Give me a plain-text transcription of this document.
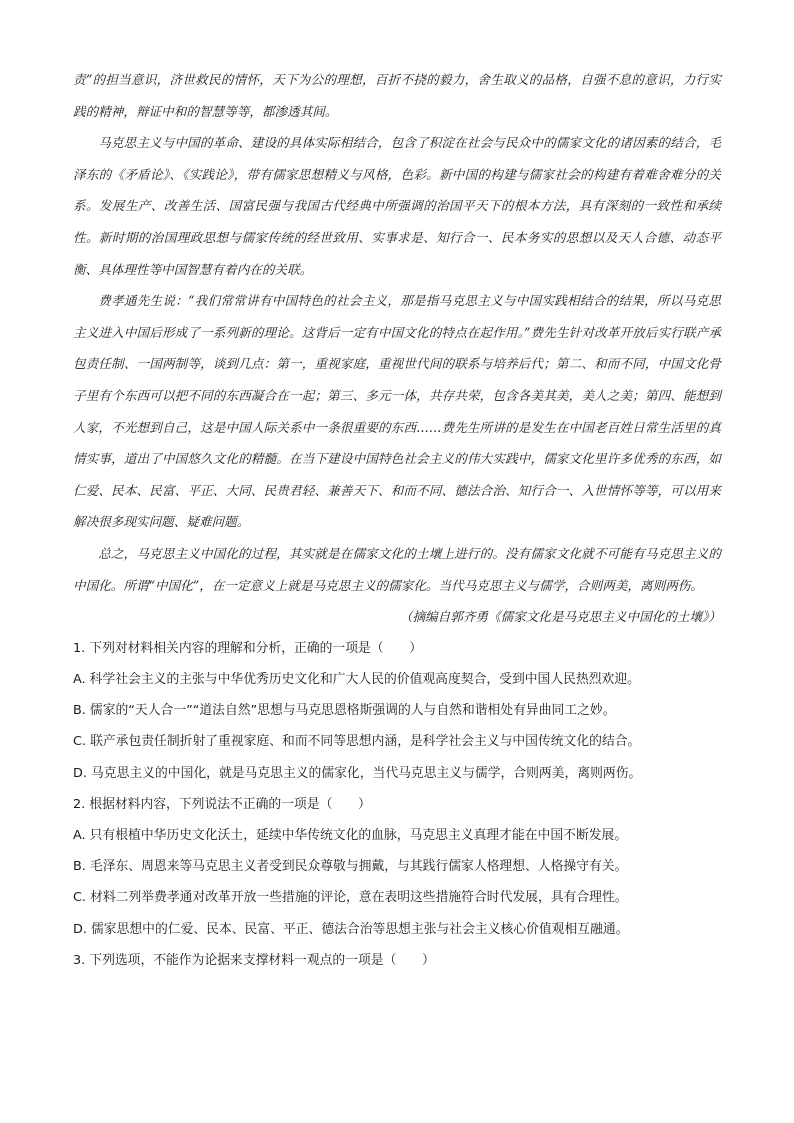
责”的担当意识，济世救民的情怀，天下为公的理想，百折不挠的毅力，舍生取义的品格，自强不息的意识，力行实践的精神，辩证中和的智慧等等，都渗透其间。

马克思主义与中国的革命、建设的具体实际相结合，包含了积淀在社会与民众中的儒家文化的诸因素的结合，毛泽东的《矛盾论》、《实践论》，带有儒家思想精义与风格，色彩。新中国的构建与儒家社会的构建有着难舍难分的关系。发展生产、改善生活、国富民强与我国古代经典中所强调的治国平天下的根本方法，具有深刻的一致性和承续性。新时期的治国理政思想与儒家传统的经世致用、实事求是、知行合一、民本务实的思想以及天人合德、动态平衡、具体理性等中国智慧有着内在的关联。

费孝通先生说：“我们常常讲有中国特色的社会主义，那是指马克思主义与中国实践相结合的结果，所以马克思主义进入中国后形成了一系列新的理论。这背后一定有中国文化的特点在起作用。”费先生针对改革开放后实行联产承包责任制、一国两制等，谈到几点：第一，重视家庭，重视世代间的联系与培养后代；第二、和而不同，中国文化骨子里有个东西可以把不同的东西凝合在一起；第三、多元一体，共存共荣，包含各美其美，美人之美；第四、能想到人家，不光想到自己，这是中国人际关系中一条很重要的东西……费先生所讲的是发生在中国老百姓日常生活里的真情实事，道出了中国悠久文化的精髓。在当下建设中国特色社会主义的伟大实践中，儒家文化里许多优秀的东西，如仁爱、民本、民富、平正、大同、民贵君轻、兼善天下、和而不同、德法合治、知行合一、入世情怀等等，可以用来解决很多现实问题、疑难问题。

总之，马克思主义中国化的过程，其实就是在儒家文化的土壤上进行的。没有儒家文化就不可能有马克思主义的中国化。所谓“中国化”，在一定意义上就是马克思主义的儒家化。当代马克思主义与儒学，合则两美，离则两伤。

（摘编自郭齐勇《儒家文化是马克思主义中国化的土壤》）

1. 下列对材料相关内容的理解和分析，正确的一项是（　　）

A. 科学社会主义的主张与中华优秀历史文化和广大人民的价值观高度契合，受到中国人民热烈欢迎。

B. 儒家的“天人合一”“道法自然”思想与马克思恩格斯强调的人与自然和谐相处有异曲同工之妙。

C. 联产承包责任制折射了重视家庭、和而不同等思想内涵，是科学社会主义与中国传统文化的结合。

D. 马克思主义的中国化，就是马克思主义的儒家化，当代马克思主义与儒学，合则两美，离则两伤。

2. 根据材料内容，下列说法不正确的一项是（　　）

A. 只有根植中华历史文化沃土，延续中华传统文化的血脉，马克思主义真理才能在中国不断发展。

B. 毛泽东、周恩来等马克思主义者受到民众尊敬与拥戴，与其践行儒家人格理想、人格操守有关。

C. 材料二列举费孝通对改革开放一些措施的评论，意在表明这些措施符合时代发展，具有合理性。

D. 儒家思想中的仁爱、民本、民富、平正、德法合治等思想主张与社会主义核心价值观相互融通。

3. 下列选项，不能作为论据来支撑材料一观点的一项是（　　）
